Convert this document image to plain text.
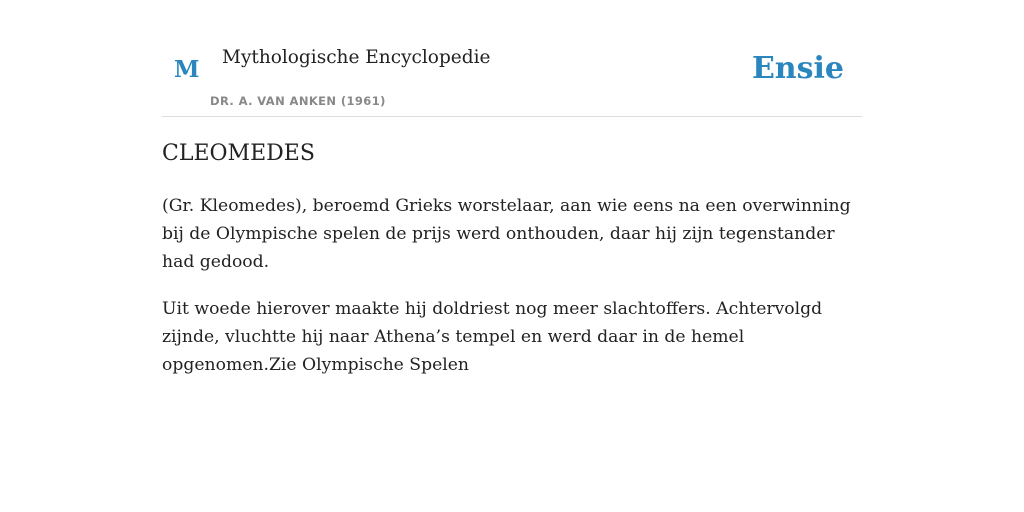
M Mythologische Encyclopedie
DR. A. VAN ANKEN (1961)
Ensie
CLEOMEDES

(Gr. Kleomedes), beroemd Grieks worstelaar, aan wie eens na een overwinning bij de Olympische spelen de prijs werd onthouden, daar hij zijn tegenstander had gedood.

Uit woede hierover maakte hij doldriest nog meer slachtoffers. Achtervolgd zijnde, vluchtte hij naar Athena’s tempel en werd daar in de hemel opgenomen.Zie Olympische Spelen
